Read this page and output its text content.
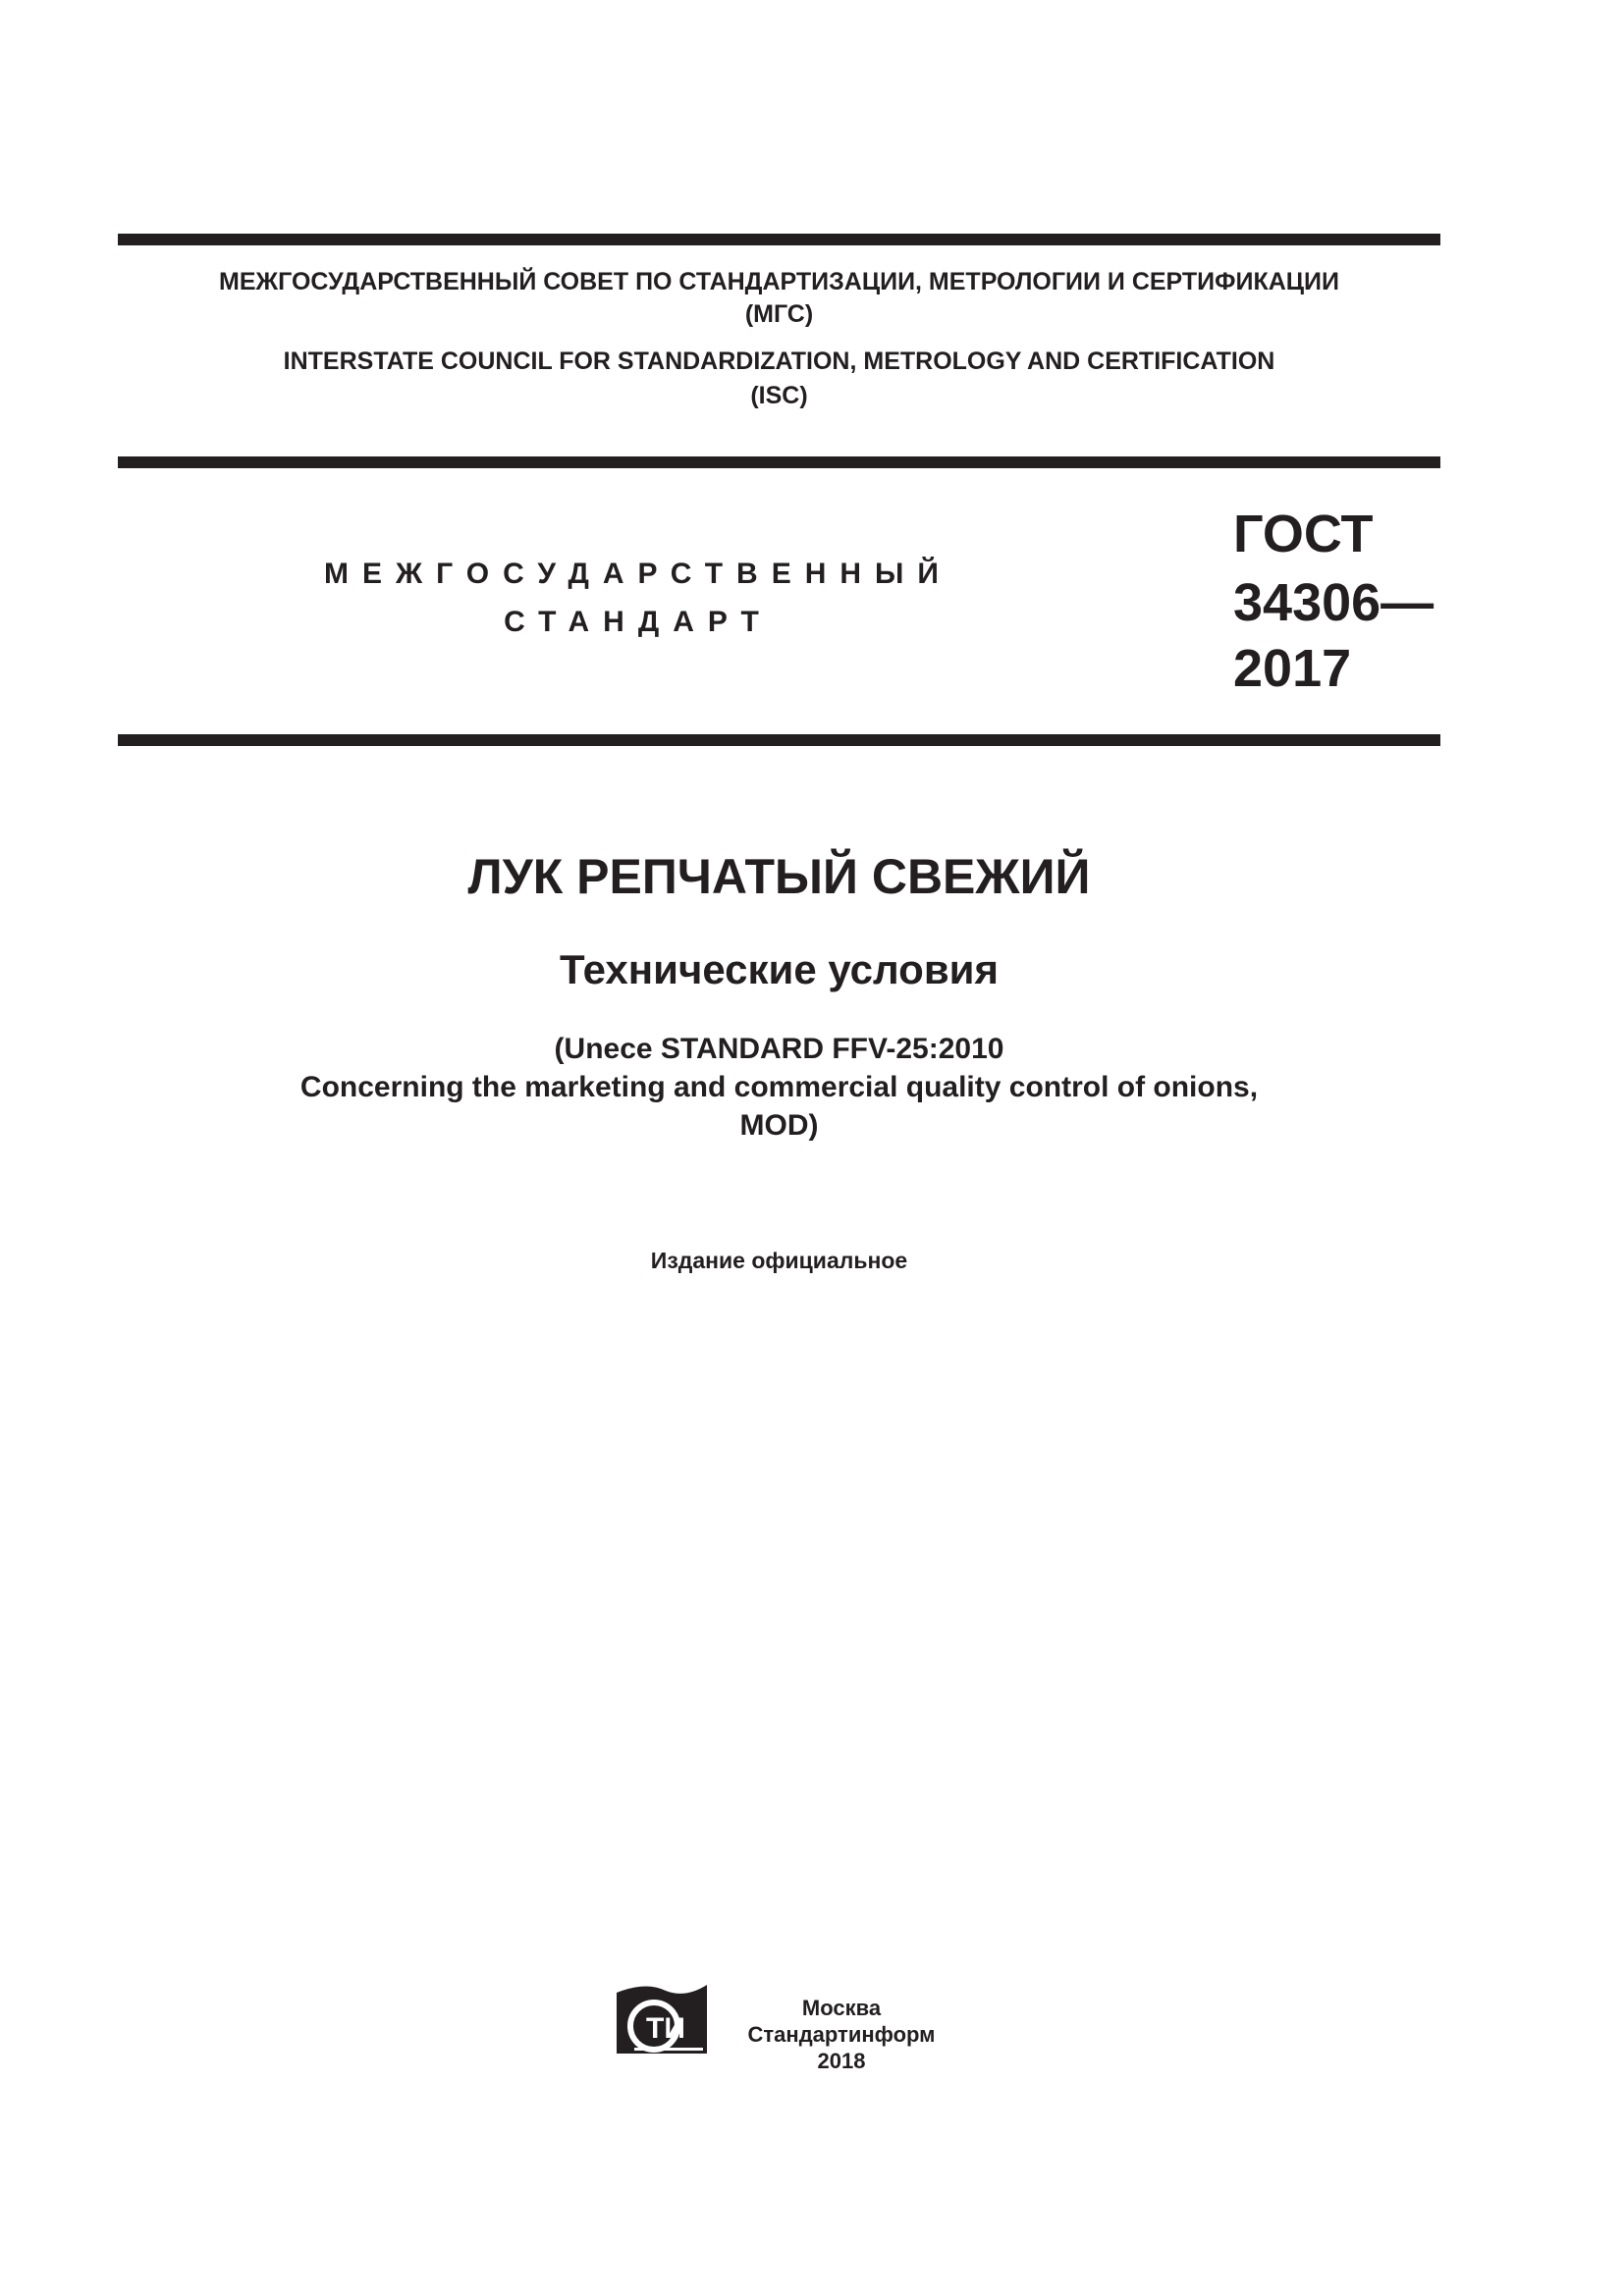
МЕЖГОСУДАРСТВЕННЫЙ СОВЕТ ПО СТАНДАРТИЗАЦИИ, МЕТРОЛОГИИ И СЕРТИФИКАЦИИ
(МГС)
INTERSTATE COUNCIL FOR STANDARDIZATION, METROLOGY AND CERTIFICATION
(ISC)
МЕЖГОСУДАРСТВЕННЫЙ
СТАНДАРТ
ГОСТ
34306—
2017
ЛУК РЕПЧАТЫЙ СВЕЖИЙ
Технические условия
(Unece STANDARD FFV-25:2010
Concerning the marketing and commercial quality control of onions,
MOD)
Издание официальное
ТИ
Москва
Стандартинформ
2018
